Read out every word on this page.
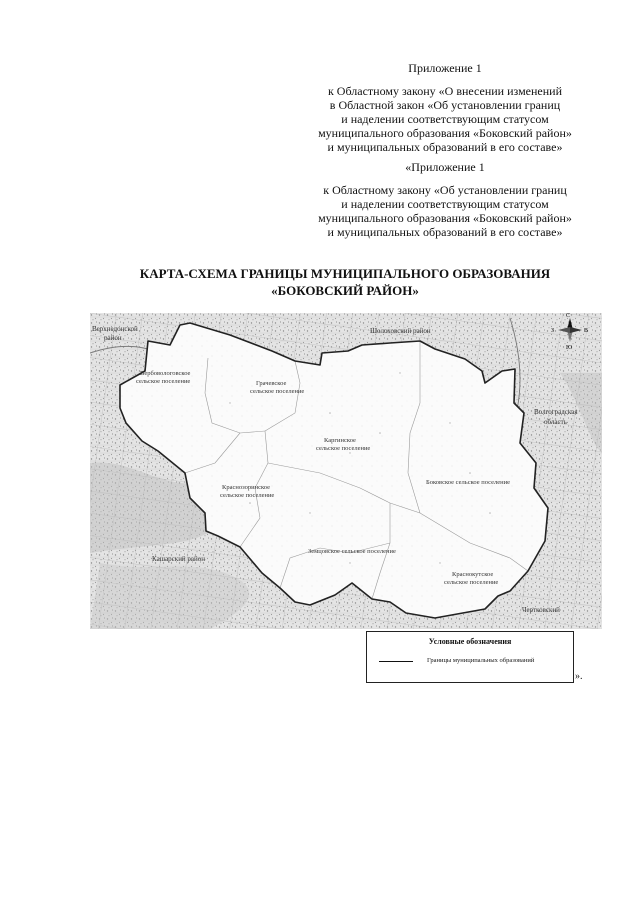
Приложение 1
к Областному закону «О внесении изменений
в Областной закон «Об установлении границ
и наделении соответствующим статусом
муниципального образования «Боковский район»
и муниципальных образований в его составе»
«Приложение 1
к Областному закону «Об установлении границ
и наделении соответствующим статусом
муниципального образования «Боковский район»
и муниципальных образований в его составе»
КАРТА-СХЕМА ГРАНИЦЫ МУНИЦИПАЛЬНОГО ОБРАЗОВАНИЯ
«БОКОВСКИЙ РАЙОН»
Верхнедонской
район
Шолоховский район
Волгоградская
область
Кашарский район
Чертковский
Вербовологовское
сельское поселение	Грачевское
сельское поселение
Каргинское
сельское поселение
Краснозоринское
сельское поселение
Боковское сельское поселение
Земцовское сельское поселение
Краснокутское
сельское поселение
С
Ю
З	В
Условные обозначения
Границы муниципальных образований
».
